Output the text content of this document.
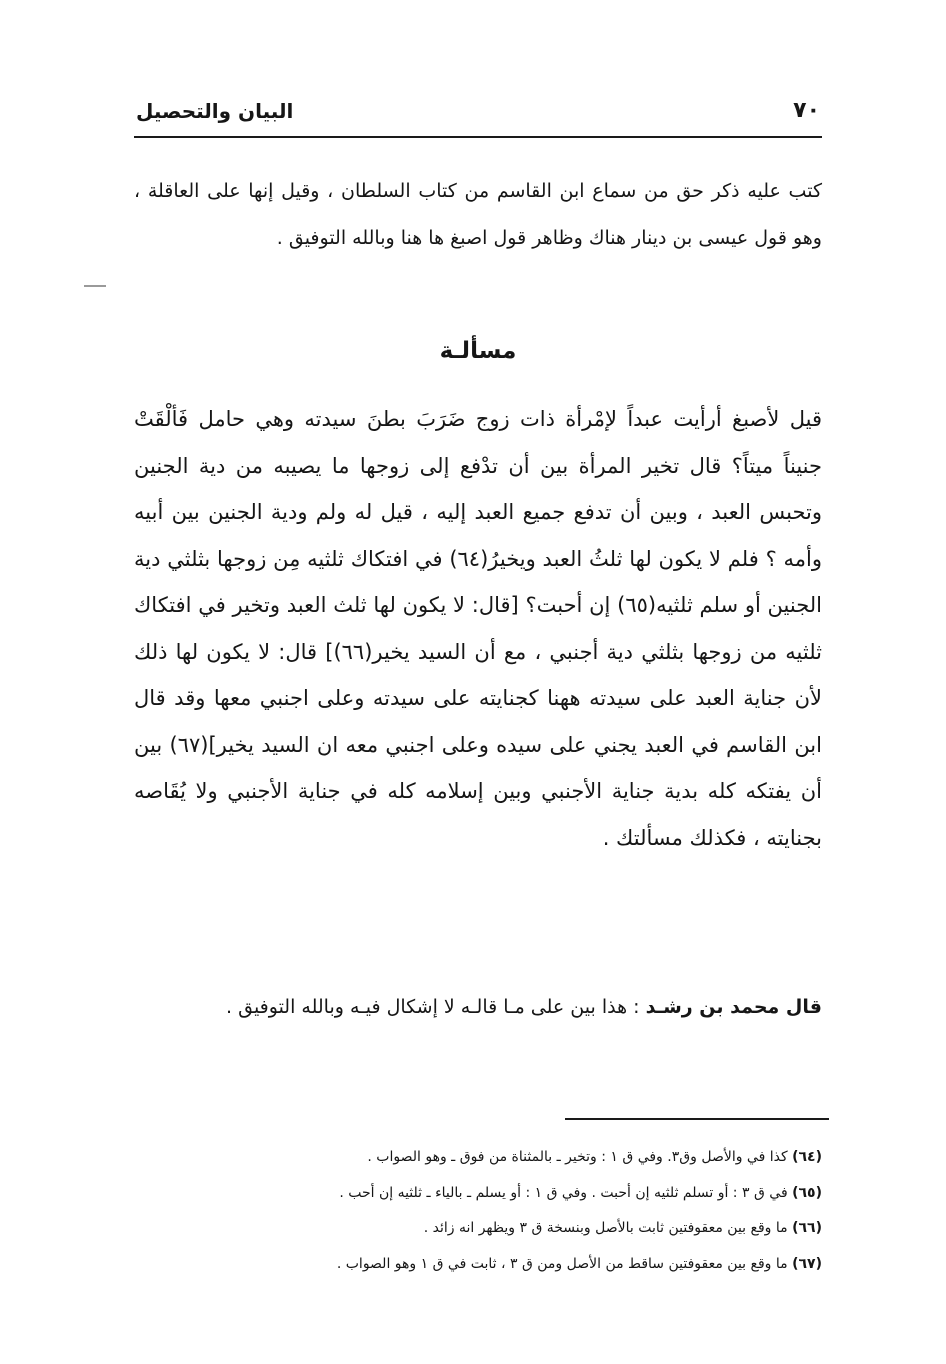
٧٠
البيان والتحصيل

كتب عليه ذكر حق من سماع ابن القاسم من كتاب السلطان ، وقيل إنها على العاقلة ، وهو قول عيسى بن دينار هناك وظاهر قول اصبغ ها هنا وبالله التوفيق .

مسألـة

قيل لأصبغ أرأيت عبداً لإمْرأة ذات زوج ضَرَبَ بطنَ سيدته وهي حامل فَألْقَتْ جنيناً ميتاً؟ قال تخير المرأة بين أن تدْفع إلى زوجها ما يصيبه من دية الجنين وتحبس العبد ، وبين أن تدفع جميع العبد إليه ، قيل له ولم ودية الجنين بين أبيه وأمه ؟ فلم لا يكون لها ثلثُ العبد ويخيرُ(٦٤) في افتكاك ثلثيه مِن زوجها بثلثي دية الجنين أو سلم ثلثيه(٦٥) إن أحبت؟ [قال: لا يكون لها ثلث العبد وتخير في افتكاك ثلثيه من زوجها بثلثي دية أجنبي ، مع أن السيد يخير(٦٦)] قال: لا يكون لها ذلك لأن جناية العبد على سيدته ههنا كجنايته على سيدته وعلى اجنبي معها وقد قال ابن القاسم في العبد يجني على سيده وعلى اجنبي معه ان السيد يخير](٦٧) بين أن يفتكه كله بدية جناية الأجنبي وبين إسلامه كله في جناية الأجنبي ولا يُقَاصه بجنايته ، فكذلك مسألتك .

قال محمد بن رشـد : هذا بين على مـا قالـه لا إشكال فيـه وبالله التوفيق .

(٦٤) كذا في والأصل وق٣. وفي ق ١ : وتخير ـ بالمثناة من فوق ـ وهو الصواب .
(٦٥) في ق ٣ : أو تسلم ثلثيه إن أحبت . وفي ق ١ : أو يسلم ـ بالياء ـ ثلثيه إن أحب .
(٦٦) ما وقع بين معقوفتين ثابت بالأصل وبنسخة ق ٣ ويظهر انه زائد .
(٦٧) ما وقع بين معقوفتين ساقط من الأصل ومن ق ٣ ، ثابت في ق ١ وهو الصواب .
